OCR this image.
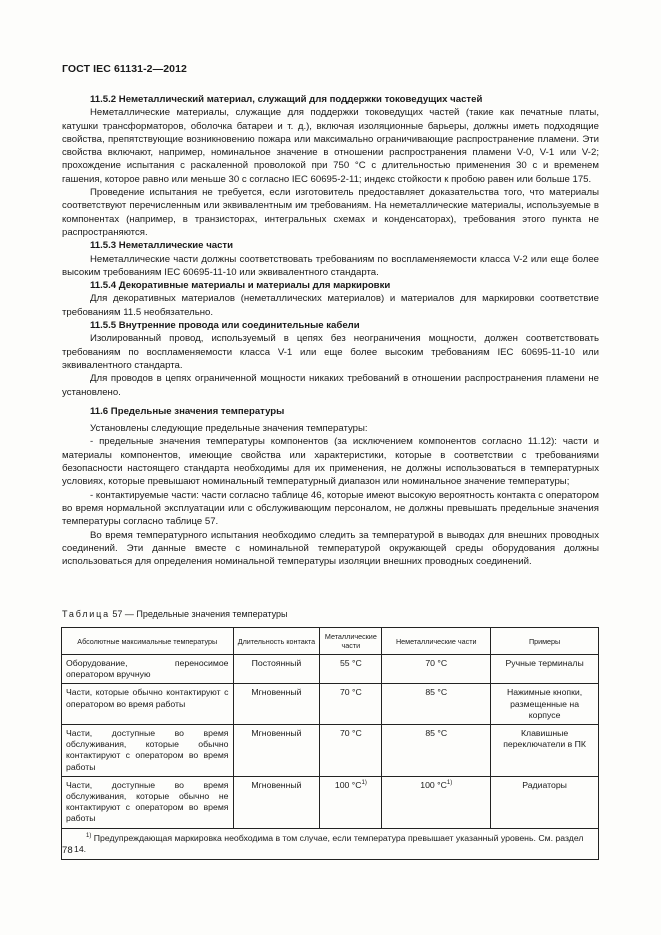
ГОСТ IEC 61131-2—2012

11.5.2 Неметаллический материал, служащий для поддержки токоведущих частей

Неметаллические материалы, служащие для поддержки токоведущих частей (такие как печатные платы, катушки трансформаторов, оболочка батареи и т. д.), включая изоляционные барьеры, должны иметь подходящие свойства, препятствующие возникновению пожара или максимально ограничивающие распространение пламени. Эти свойства включают, например, номинальное значение в отношении распространения пламени V-0, V-1 или V-2; прохождение испытания с раскаленной проволокой при 750 °С с длительностью применения 30 с и временем гашения, которое равно или меньше 30 с согласно IEC 60695-2-11; индекс стойкости к пробою равен или больше 175.

Проведение испытания не требуется, если изготовитель предоставляет доказательства того, что материалы соответствуют перечисленным или эквивалентным им требованиям. На неметаллические материалы, используемые в компонентах (например, в транзисторах, интегральных схемах и конденсаторах), требования этого пункта не распространяются.

11.5.3 Неметаллические части

Неметаллические части должны соответствовать требованиям по воспламеняемости класса V-2 или еще более высоким требованиям IEC 60695-11-10 или эквивалентного стандарта.

11.5.4 Декоративные материалы и материалы для маркировки

Для декоративных материалов (неметаллических материалов) и материалов для маркировки соответствие требованиям 11.5 необязательно.

11.5.5 Внутренние провода или соединительные кабели

Изолированный провод, используемый в цепях без неограничения мощности, должен соответствовать требованиям по воспламеняемости класса V-1 или еще более высоким требованиям IEC 60695-11-10 или эквивалентного стандарта.

Для проводов в цепях ограниченной мощности никаких требований в отношении распространения пламени не установлено.

11.6 Предельные значения температуры

Установлены следующие предельные значения температуры:

- предельные значения температуры компонентов (за исключением компонентов согласно 11.12): части и материалы компонентов, имеющие свойства или характеристики, которые в соответствии с требованиями безопасности настоящего стандарта необходимы для их применения, не должны использоваться в температурных условиях, которые превышают номинальный температурный диапазон или номинальное значение температуры;

- контактируемые части: части согласно таблице 46, которые имеют высокую вероятность контакта с оператором во время нормальной эксплуатации или с обслуживающим персоналом, не должны превышать предельные значения температуры согласно таблице 57.

Во время температурного испытания необходимо следить за температурой в выводах для внешних проводных соединений. Эти данные вместе с номинальной температурой окружающей среды оборудования должны использоваться для определения номинальной температуры изоляции внешних проводных соединений.

Таблица 57 — Предельные значения температуры
Абсолютные максимальные температуры	Длительность контакта	Металлические части	Неметаллические части	Примеры
Оборудование, переносимое оператором вручную	Постоянный	55 °С	70 °С	Ручные терминалы
Части, которые обычно контактируют с оператором во время работы	Мгновенный	70 °С	85 °С	Нажимные кнопки, размещенные на корпусе
Части, доступные во время обслуживания, которые обычно контактируют с оператором во время работы	Мгновенный	70 °С	85 °С	Клавишные переключатели в ПК
Части, доступные во время обслуживания, которые обычно не контактируют с оператором во время работы	Мгновенный	100 $^\circ С^{1)}$	100 $^\circ С^{1)}$	Радиаторы
$^{1)}$ Предупреждающая маркировка необходима в том случае, если температура превышает указанный уровень. См. раздел 14.				
78
